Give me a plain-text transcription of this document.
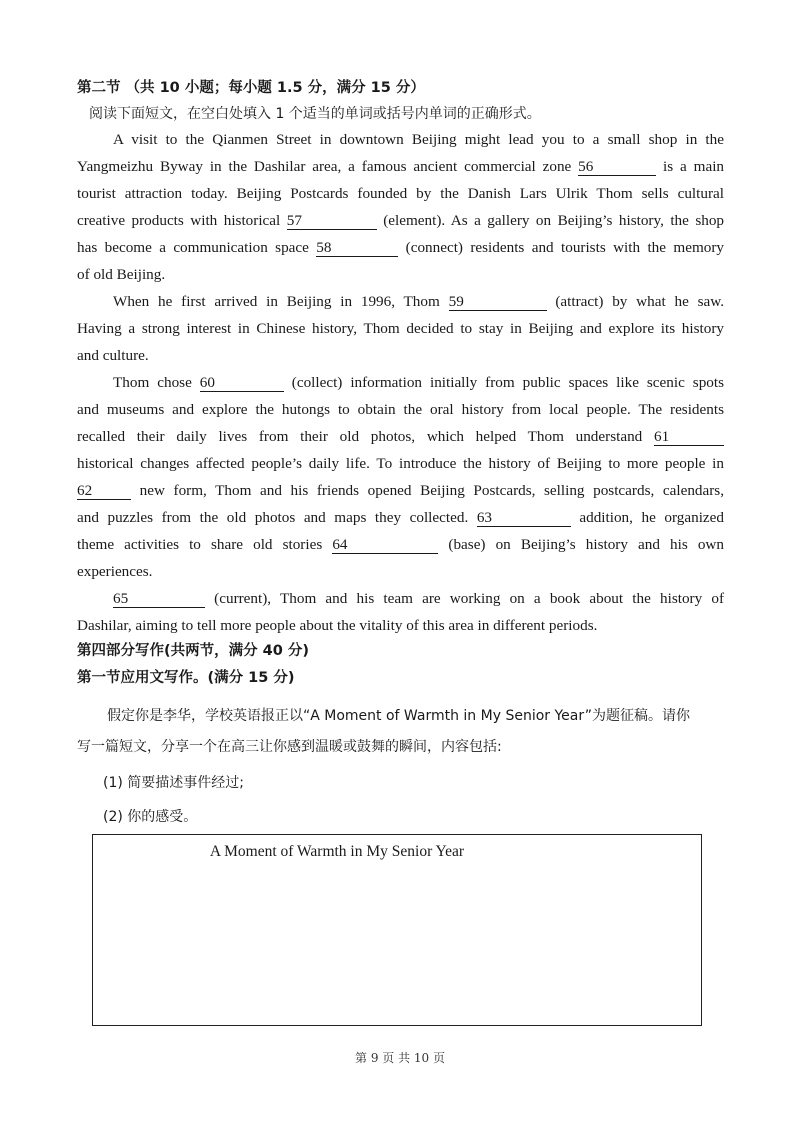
第二节 （共 10 小题；每小题 1.5 分，满分 15 分）
阅读下面短文，在空白处填入 1 个适当的单词或括号内单词的正确形式。
A visit to the Qianmen Street in downtown Beijing might lead you to a small shop in the
Yangmeizhu Byway in the Dashilar area, a famous ancient commercial zone 56	is a main
tourist attraction today. Beijing Postcards founded by the Danish Lars Ulrik Thom sells cultural
creative products with historical 57	(element). As a gallery on Beijing’s history, the shop
has become a communication space 58	(connect) residents and tourists with the memory
of old Beijing.
When he first arrived in Beijing in 1996, Thom 59	(attract) by what he saw.
Having a strong interest in Chinese history, Thom decided to stay in Beijing and explore its history
and culture.
Thom chose 60	(collect) information initially from public spaces like scenic spots
and museums and explore the hutongs to obtain the oral history from local people. The residents
recalled their daily lives from their old photos, which helped Thom understand 61
historical changes affected people’s daily life. To introduce the history of Beijing to more people in
62	new form, Thom and his friends opened Beijing Postcards, selling postcards, calendars,
and puzzles from the old photos and maps they collected. 63	addition, he organized
theme activities to share old stories 64	(base) on Beijing’s history and his own
experiences.
65	(current), Thom and his team are working on a book about the history of
Dashilar, aiming to tell more people about the vitality of this area in different periods.
第四部分写作(共两节，满分 40 分)
第一节应用文写作。(满分 15 分)
假定你是李华，学校英语报正以“A Moment of Warmth in My Senior Year”为题征稿。请你
写一篇短文，分享一个在高三让你感到温暖或鼓舞的瞬间，内容包括:
(1) 简要描述事件经过;
(2) 你的感受。
A Moment of Warmth in My Senior Year
第 9 页 共 10 页
